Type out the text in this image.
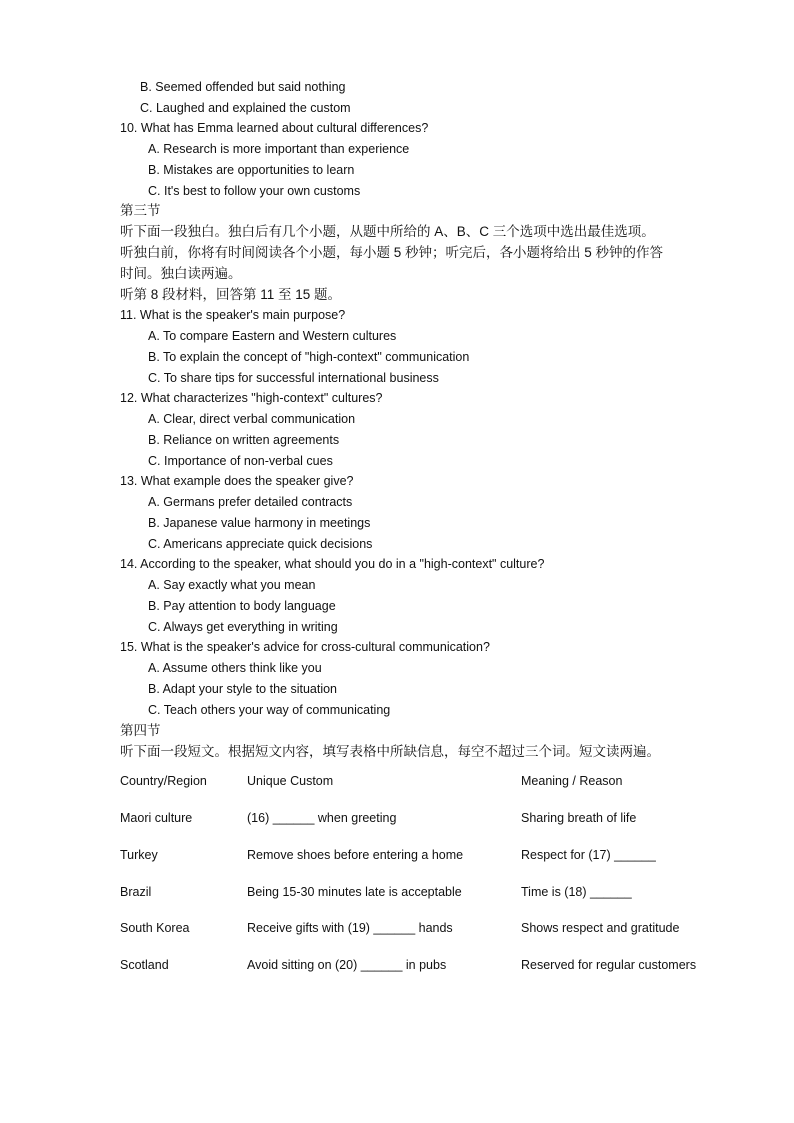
B. Seemed offended but said nothing
C. Laughed and explained the custom
10. What has Emma learned about cultural differences?
A. Research is more important than experience
B. Mistakes are opportunities to learn
C. It's best to follow your own customs
第三节
听下面一段独白。独白后有几个小题，从题中所给的 A、B、C 三个选项中选出最佳选项。
听独白前，你将有时间阅读各个小题，每小题 5 秒钟；听完后，各小题将给出 5 秒钟的作答
时间。独白读两遍。
听第 8 段材料，回答第 11 至 15 题。
11. What is the speaker's main purpose?
A. To compare Eastern and Western cultures
B. To explain the concept of "high-context" communication
C. To share tips for successful international business
12. What characterizes "high-context" cultures?
A. Clear, direct verbal communication
B. Reliance on written agreements
C. Importance of non-verbal cues
13. What example does the speaker give?
A. Germans prefer detailed contracts
B. Japanese value harmony in meetings
C. Americans appreciate quick decisions
14. According to the speaker, what should you do in a "high-context" culture?
A. Say exactly what you mean
B. Pay attention to body language
C. Always get everything in writing
15. What is the speaker's advice for cross-cultural communication?
A. Assume others think like you
B. Adapt your style to the situation
C. Teach others your way of communicating
第四节
听下面一段短文。根据短文内容，填写表格中所缺信息，每空不超过三个词。短文读两遍。
Country/Region	Unique Custom	Meaning / Reason
Maori culture	(16) ______ when greeting	Sharing breath of life
Turkey	Remove shoes before entering a home	Respect for (17) ______
Brazil	Being 15-30 minutes late is acceptable	Time is (18) ______
South Korea	Receive gifts with (19) ______ hands	Shows respect and gratitude
Scotland	Avoid sitting on (20) ______ in pubs	Reserved for regular customers
